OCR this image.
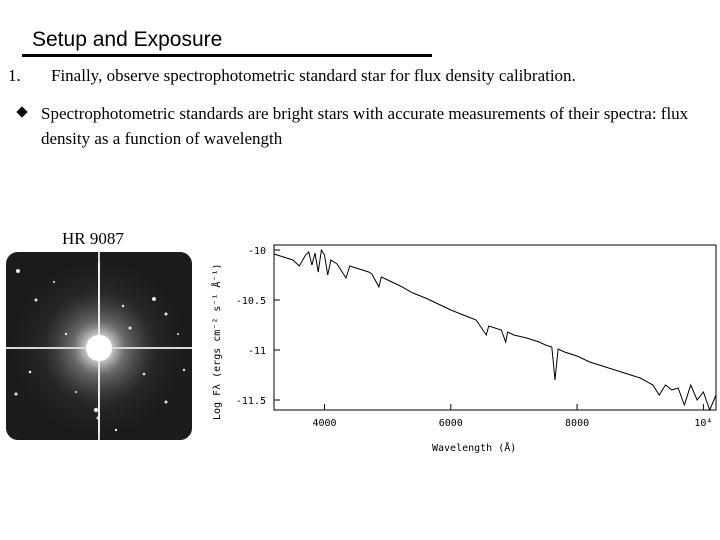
Setup and Exposure
1. Finally, observe spectrophotometric standard star for flux density calibration.
Spectrophotometric standards are bright stars with accurate measurements of their spectra: flux density as a function of wavelength
HR 9087
-10
-10.5
-11
-11.5
4000	6000	8000	10⁴
Wavelength (Å)
Log Fλ (ergs cm⁻² s⁻¹ Å⁻¹)
